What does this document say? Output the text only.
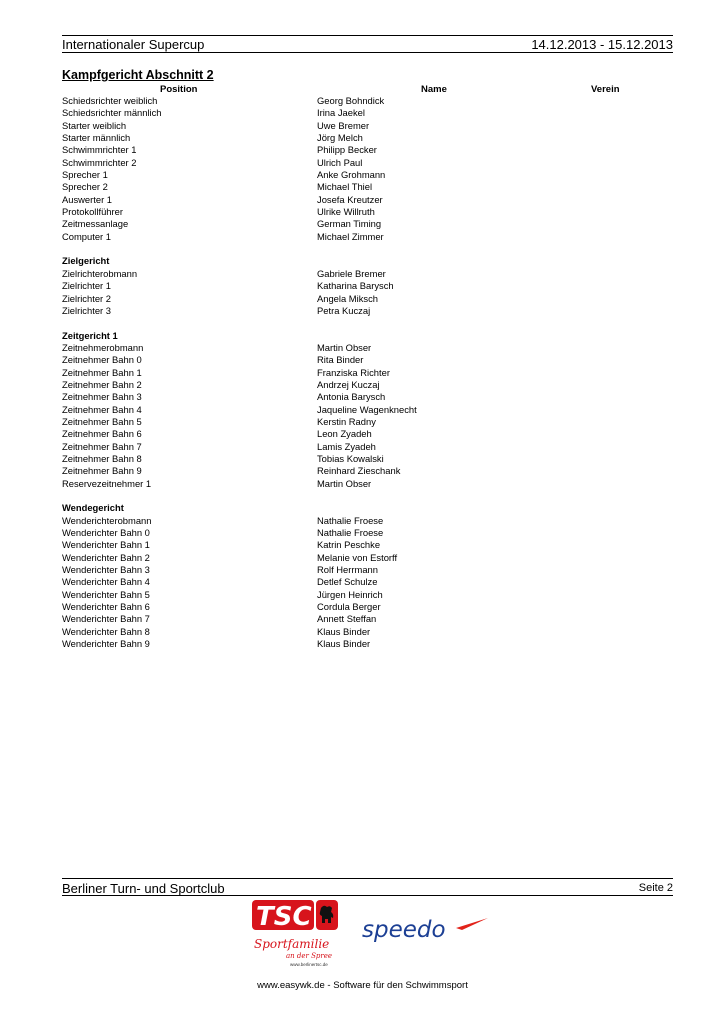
Internationaler Supercup	14.12.2013 - 15.12.2013
Kampfgericht Abschnitt 2
Position	Name	Verein
Schiedsrichter weiblich	Georg Bohndick
Schiedsrichter männlich	Irina Jaekel
Starter weiblich	Uwe Bremer
Starter männlich	Jörg Melch
Schwimmrichter 1	Philipp Becker
Schwimmrichter 2	Ulrich Paul
Sprecher 1	Anke Grohmann
Sprecher 2	Michael Thiel
Auswerter 1	Josefa Kreutzer
Protokollführer	Ulrike Willruth
Zeitmessanlage	German Timing
Computer 1	Michael Zimmer
Zielgericht
Zielrichterobmann	Gabriele Bremer
Zielrichter 1	Katharina Barysch
Zielrichter 2	Angela Miksch
Zielrichter 3	Petra Kuczaj
Zeitgericht 1
Zeitnehmerobmann	Martin Obser
Zeitnehmer Bahn 0	Rita Binder
Zeitnehmer Bahn 1	Franziska Richter
Zeitnehmer Bahn 2	Andrzej Kuczaj
Zeitnehmer Bahn 3	Antonia Barysch
Zeitnehmer Bahn 4	Jaqueline Wagenknecht
Zeitnehmer Bahn 5	Kerstin Radny
Zeitnehmer Bahn 6	Leon Zyadeh
Zeitnehmer Bahn 7	Lamis Zyadeh
Zeitnehmer Bahn 8	Tobias Kowalski
Zeitnehmer Bahn 9	Reinhard Zieschank
Reservezeitnehmer 1	Martin Obser
Wendegericht
Wenderichterobmann	Nathalie Froese
Wenderichter Bahn 0	Nathalie Froese
Wenderichter Bahn 1	Katrin Peschke
Wenderichter Bahn 2	Melanie von Estorff
Wenderichter Bahn 3	Rolf Herrmann
Wenderichter Bahn 4	Detlef Schulze
Wenderichter Bahn 5	Jürgen Heinrich
Wenderichter Bahn 6	Cordula Berger
Wenderichter Bahn 7	Annett Steffan
Wenderichter Bahn 8	Klaus Binder
Wenderichter Bahn 9	Klaus Binder
Berliner Turn- und Sportclub	Seite 2
TSC
Sportfamilie
an der Spree
www.berlinertsc.de
speedo
www.easywk.de - Software für den Schwimmsport
